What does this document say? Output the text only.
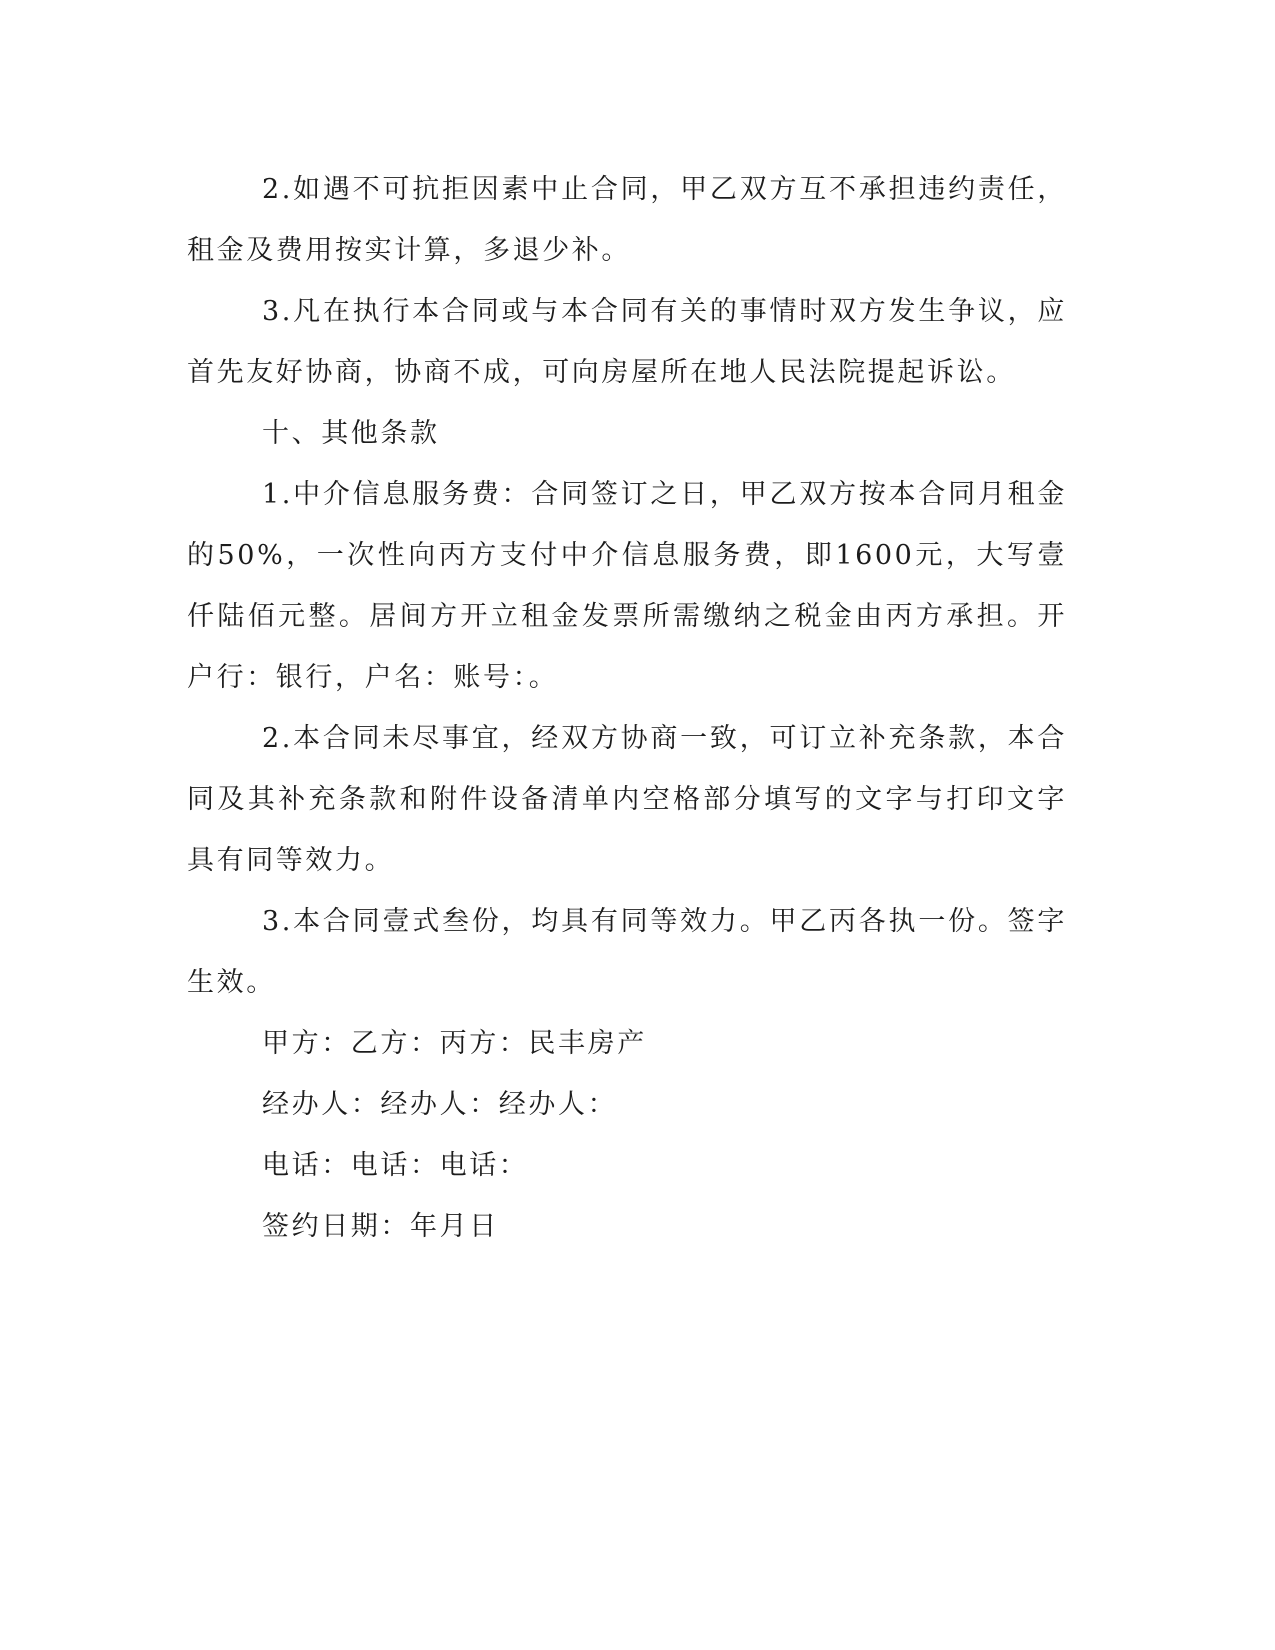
2.如遇不可抗拒因素中止合同，甲乙双方互不承担违约责任，租金及费用按实计算，多退少补。

3.凡在执行本合同或与本合同有关的事情时双方发生争议，应首先友好协商，协商不成，可向房屋所在地人民法院提起诉讼。

十、其他条款

1.中介信息服务费：合同签订之日，甲乙双方按本合同月租金的50%，一次性向丙方支付中介信息服务费，即1600元，大写壹仟陆佰元整。居间方开立租金发票所需缴纳之税金由丙方承担。开户行：银行，户名：账号：。

2.本合同未尽事宜，经双方协商一致，可订立补充条款，本合同及其补充条款和附件设备清单内空格部分填写的文字与打印文字具有同等效力。

3.本合同壹式叁份，均具有同等效力。甲乙丙各执一份。签字生效。

甲方：乙方：丙方：民丰房产

经办人：经办人：经办人：

电话：电话：电话：

签约日期：年月日
